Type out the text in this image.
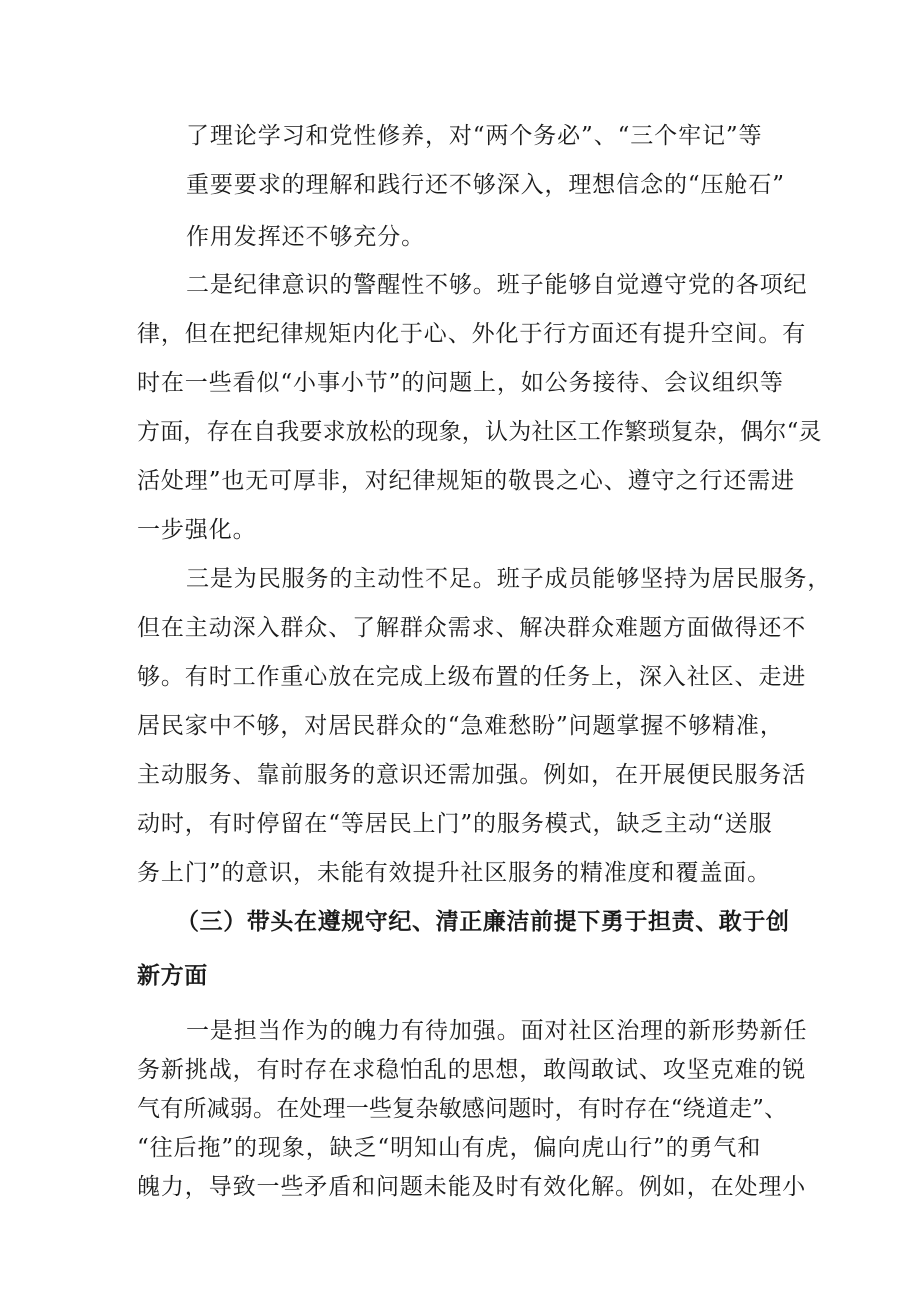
了理论学习和党性修养，对“两个务必”、“三个牢记”等
重要要求的理解和践行还不够深入，理想信念的“压舱石”
作用发挥还不够充分。
二是纪律意识的警醒性不够。班子能够自觉遵守党的各项纪
律，但在把纪律规矩内化于心、外化于行方面还有提升空间。有
时在一些看似“小事小节”的问题上，如公务接待、会议组织等
方面，存在自我要求放松的现象，认为社区工作繁琐复杂，偶尔“灵
活处理”也无可厚非，对纪律规矩的敬畏之心、遵守之行还需进
一步强化。
三是为民服务的主动性不足。班子成员能够坚持为居民服务，
但在主动深入群众、了解群众需求、解决群众难题方面做得还不
够。有时工作重心放在完成上级布置的任务上，深入社区、走进
居民家中不够，对居民群众的“急难愁盼”问题掌握不够精准，
主动服务、靠前服务的意识还需加强。例如，在开展便民服务活
动时，有时停留在“等居民上门”的服务模式，缺乏主动“送服
务上门”的意识，未能有效提升社区服务的精准度和覆盖面。
（三）带头在遵规守纪、清正廉洁前提下勇于担责、敢于创
新方面
一是担当作为的魄力有待加强。面对社区治理的新形势新任
务新挑战，有时存在求稳怕乱的思想，敢闯敢试、攻坚克难的锐
气有所减弱。在处理一些复杂敏感问题时，有时存在“绕道走”、
“往后拖”的现象，缺乏“明知山有虎，偏向虎山行”的勇气和
魄力，导致一些矛盾和问题未能及时有效化解。例如，在处理小
